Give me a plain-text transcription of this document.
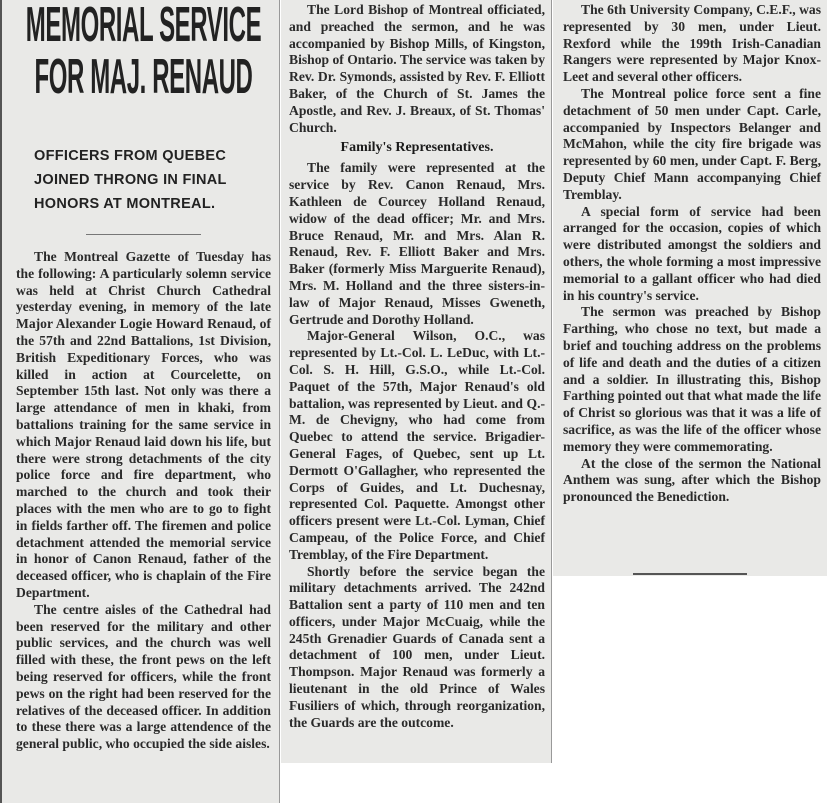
MEMORIAL SERVICE
FOR MAJ. RENAUD
OFFICERS FROM QUEBEC JOINED THRONG IN FINAL HONORS AT MONTREAL.

The Montreal Gazette of Tuesday has the following: A particularly solemn service was held at Christ Church Cathedral yesterday evening, in memory of the late Major Alexander Logie Howard Renaud, of the 57th and 22nd Battalions, 1st Division, British Expeditionary Forces, who was killed in action at Courcelette, on September 15th last. Not only was there a large attendance of men in khaki, from battalions training for the same service in which Major Renaud laid down his life, but there were strong detachments of the city police force and fire department, who marched to the church and took their places with the men who are to go to fight in fields farther off. The firemen and police detachment attended the memorial service in honor of Canon Renaud, father of the deceased officer, who is chaplain of the Fire Department.

The centre aisles of the Cathedral had been reserved for the military and other public services, and the church was well filled with these, the front pews on the left being reserved for officers, while the front pews on the right had been reserved for the relatives of the deceased officer. In addition to these there was a large attendence of the general public, who occupied the side aisles.

The Lord Bishop of Montreal officiated, and preached the sermon, and he was accompanied by Bishop Mills, of Kingston, Bishop of Ontario. The service was taken by Rev. Dr. Symonds, assisted by Rev. F. Elliott Baker, of the Church of St. James the Apostle, and Rev. J. Breaux, of St. Thomas' Church.

Family's Representatives.

The family were represented at the service by Rev. Canon Renaud, Mrs. Kathleen de Courcey Holland Renaud, widow of the dead officer; Mr. and Mrs. Bruce Renaud, Mr. and Mrs. Alan R. Renaud, Rev. F. Elliott Baker and Mrs. Baker (formerly Miss Marguerite Renaud), Mrs. M. Holland and the three sisters-in-law of Major Renaud, Misses Gweneth, Gertrude and Dorothy Holland.

Major-General Wilson, O.C., was represented by Lt.-Col. L. LeDuc, with Lt.-Col. S. H. Hill, G.S.O., while Lt.-Col. Paquet of the 57th, Major Renaud's old battalion, was represented by Lieut. and Q.-M. de Chevigny, who had come from Quebec to attend the service. Brigadier-General Fages, of Quebec, sent up Lt. Dermott O'Gallagher, who represented the Corps of Guides, and Lt. Duchesnay, represented Col. Paquette. Amongst other officers present were Lt.-Col. Lyman, Chief Campeau, of the Police Force, and Chief Tremblay, of the Fire Department.

Shortly before the service began the military detachments arrived. The 242nd Battalion sent a party of 110 men and ten officers, under Major McCuaig, while the 245th Grenadier Guards of Canada sent a detachment of 100 men, under Lieut. Thompson. Major Renaud was formerly a lieutenant in the old Prince of Wales Fusiliers of which, through reorganization, the Guards are the outcome.

The 6th University Company, C.E.F., was represented by 30 men, under Lieut. Rexford while the 199th Irish-Canadian Rangers were represented by Major Knox-Leet and several other officers.

The Montreal police force sent a fine detachment of 50 men under Capt. Carle, accompanied by Inspectors Belanger and McMahon, while the city fire brigade was represented by 60 men, under Capt. F. Berg, Deputy Chief Mann accompanying Chief Tremblay.

A special form of service had been arranged for the occasion, copies of which were distributed amongst the soldiers and others, the whole forming a most impressive memorial to a gallant officer who had died in his country's service.

The sermon was preached by Bishop Farthing, who chose no text, but made a brief and touching address on the problems of life and death and the duties of a citizen and a soldier. In illustrating this, Bishop Farthing pointed out that what made the life of Christ so glorious was that it was a life of sacrifice, as was the life of the officer whose memory they were commemorating.

At the close of the sermon the National Anthem was sung, after which the Bishop pronounced the Benediction.
